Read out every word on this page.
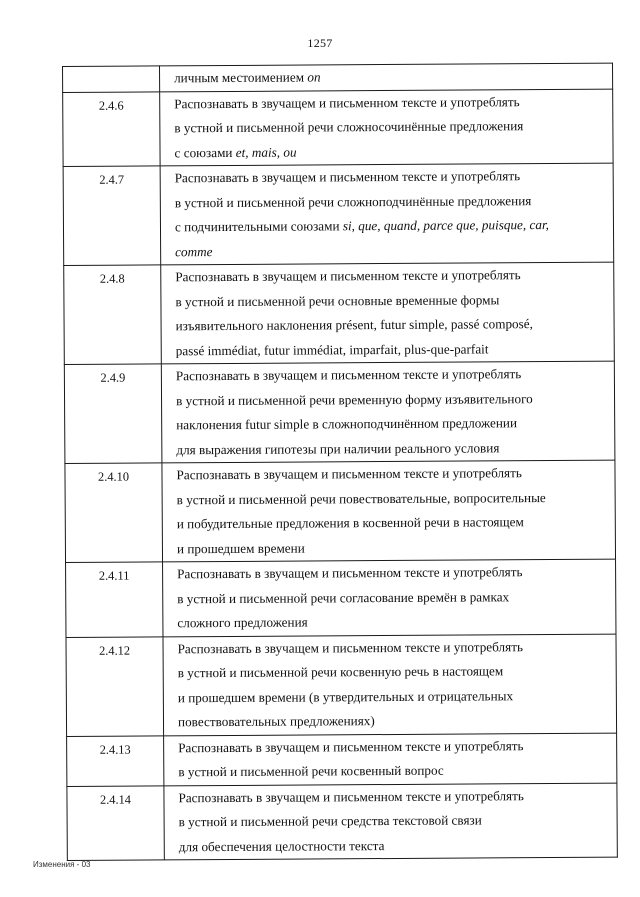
1257

	личным местоимением on

2.4.6	Распознавать в звучащем и письменном тексте и употреблять
в устной и письменной речи сложносочинённые предложения
с союзами et, mais, ou

2.4.7	Распознавать в звучащем и письменном тексте и употреблять
в устной и письменной речи сложноподчинённые предложения
с подчинительными союзами si, que, quand, parce que, puisque, car,
comme

2.4.8	Распознавать в звучащем и письменном тексте и употреблять
в устной и письменной речи основные временные формы
изъявительного наклонения présent, futur simple, passé composé,
passé immédiat, futur immédiat, imparfait, plus-que-parfait

2.4.9	Распознавать в звучащем и письменном тексте и употреблять
в устной и письменной речи временную форму изъявительного
наклонения futur simple в сложноподчинённом предложении
для выражения гипотезы при наличии реального условия

2.4.10	Распознавать в звучащем и письменном тексте и употреблять
в устной и письменной речи повествовательные, вопросительные
и побудительные предложения в косвенной речи в настоящем
и прошедшем времени

2.4.11	Распознавать в звучащем и письменном тексте и употреблять
в устной и письменной речи согласование времён в рамках
сложного предложения

2.4.12	Распознавать в звучащем и письменном тексте и употреблять
в устной и письменной речи косвенную речь в настоящем
и прошедшем времени (в утвердительных и отрицательных
повествовательных предложениях)

2.4.13	Распознавать в звучащем и письменном тексте и употреблять
в устной и письменной речи косвенный вопрос

2.4.14	Распознавать в звучащем и письменном тексте и употреблять
в устной и письменной речи средства текстовой связи
для обеспечения целостности текста
Изменения - 03
